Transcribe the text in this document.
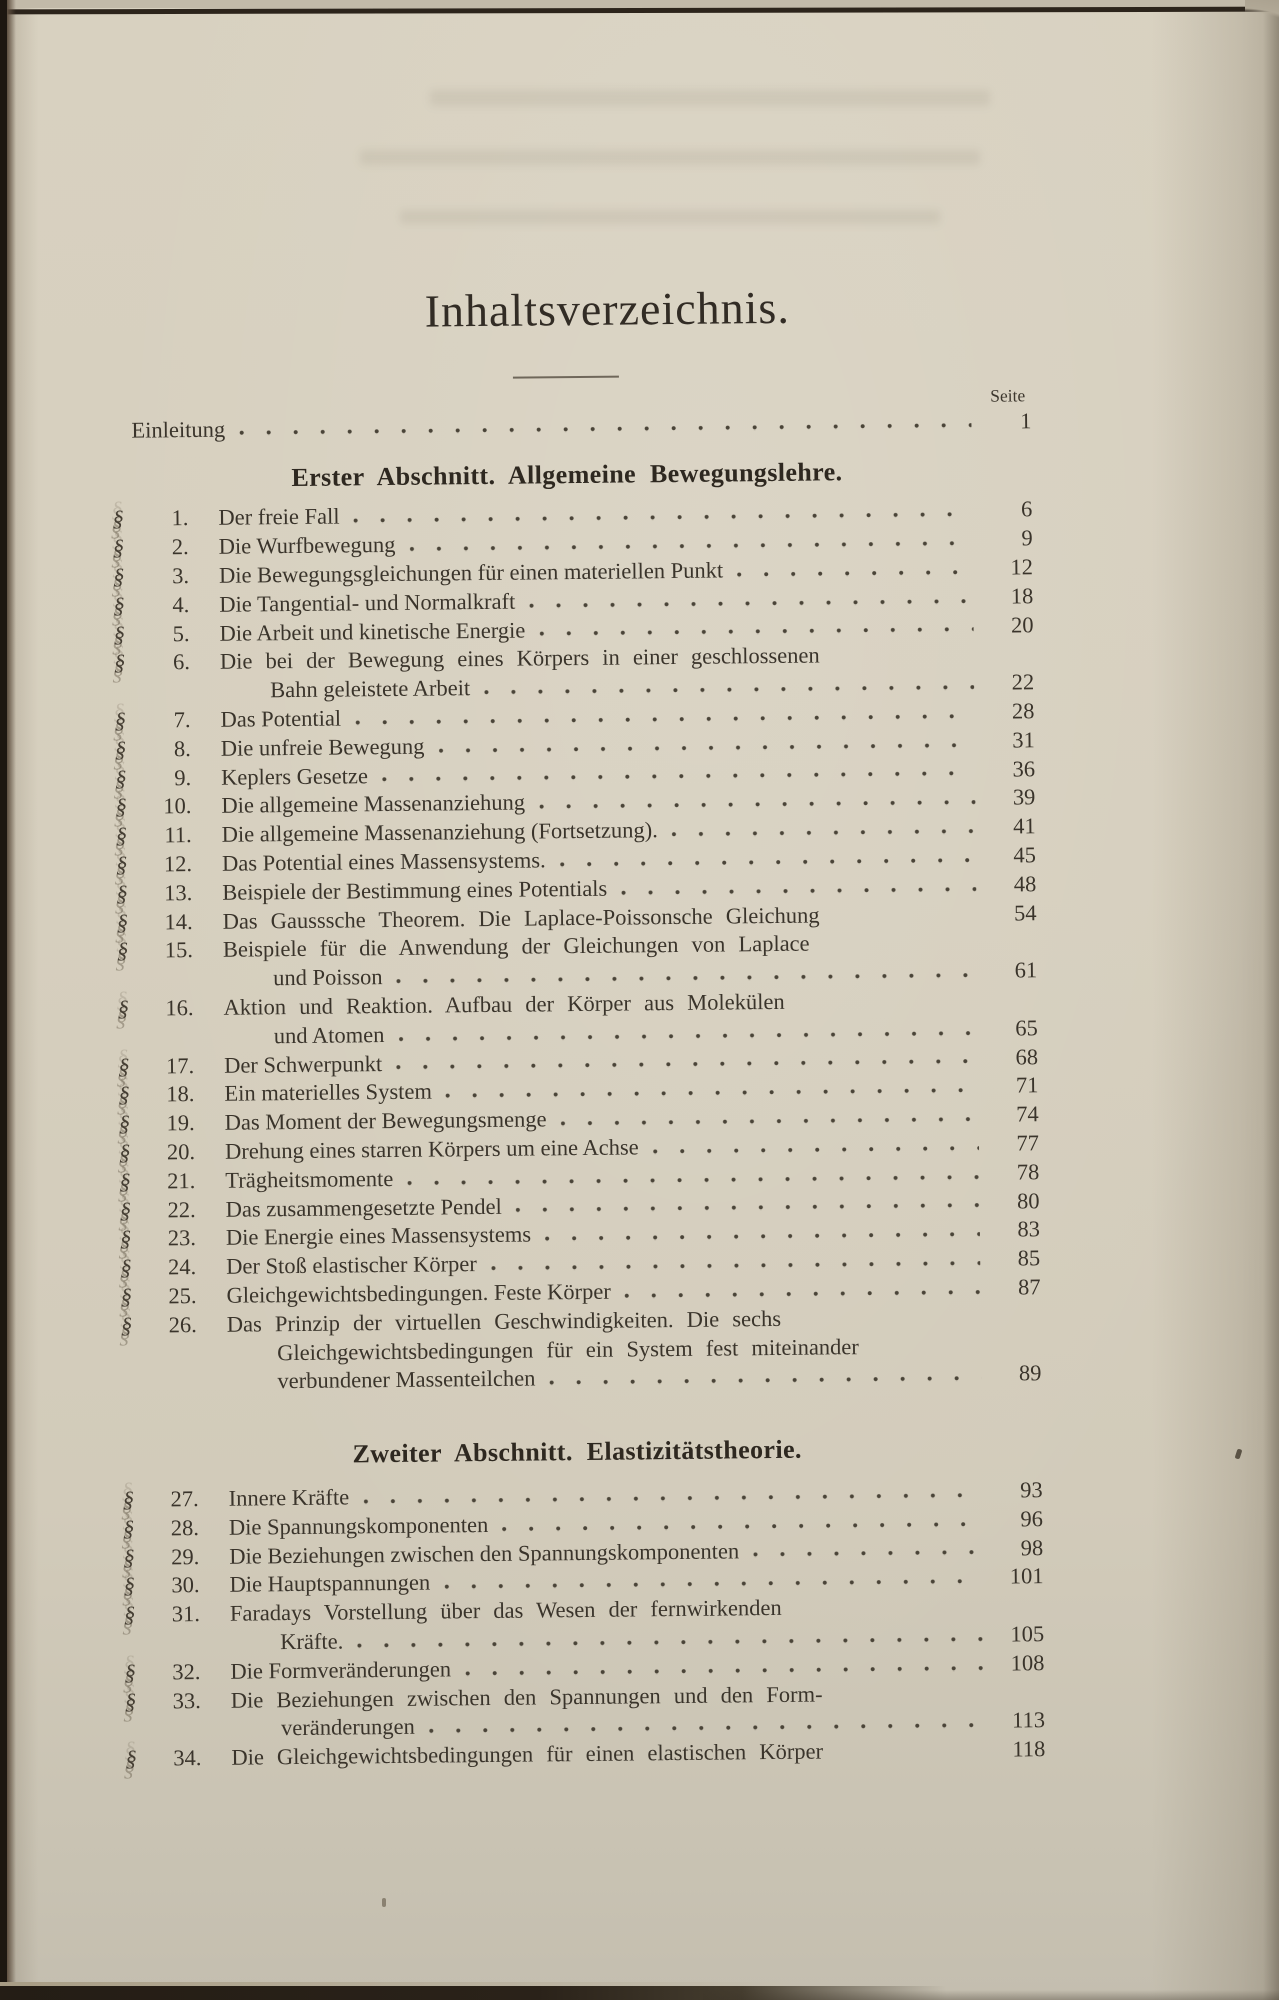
Inhaltsverzeichnis.
Seite
Einleitung	1
Erster Abschnitt. Allgemeine Bewegungslehre.
§	1. Der freie Fall	6
§	2. Die Wurfbewegung	9
§	3. Die Bewegungsgleichungen für einen materiellen Punkt	12
§	4. Die Tangential- und Normalkraft	18
§	5. Die Arbeit und kinetische Energie	20
§	6. Die bei der Bewegung eines Körpers in einer geschlossenen
Bahn geleistete Arbeit	22
§	7. Das Potential	28
§	8. Die unfreie Bewegung	31
§	9. Keplers Gesetze	36
§	10. Die allgemeine Massenanziehung	39
§	11. Die allgemeine Massenanziehung (Fortsetzung).	41
§	12. Das Potential eines Massensystems.	45
§	13. Beispiele der Bestimmung eines Potentials	48
§	14. Das Gausssche Theorem. Die Laplace-Poissonsche Gleichung	54
§	15. Beispiele für die Anwendung der Gleichungen von Laplace
und Poisson	61
§	16. Aktion und Reaktion. Aufbau der Körper aus Molekülen
und Atomen	65
§	17. Der Schwerpunkt	68
§	18. Ein materielles System	71
§	19. Das Moment der Bewegungsmenge	74
§	20. Drehung eines starren Körpers um eine Achse	77
§	21. Trägheitsmomente	78
§	22. Das zusammengesetzte Pendel	80
§	23. Die Energie eines Massensystems	83
§	24. Der Stoß elastischer Körper	85
§	25. Gleichgewichtsbedingungen. Feste Körper	87
§	26. Das Prinzip der virtuellen Geschwindigkeiten. Die sechs
Gleichgewichtsbedingungen für ein System fest miteinander
verbundener Massenteilchen	89
Zweiter Abschnitt. Elastizitätstheorie.
§	27. Innere Kräfte	93
§	28. Die Spannungskomponenten	96
§	29. Die Beziehungen zwischen den Spannungskomponenten	98
§	30. Die Hauptspannungen	101
§	31. Faradays Vorstellung über das Wesen der fernwirkenden
Kräfte.	105
§	32. Die Formveränderungen	108
§	33. Die Beziehungen zwischen den Spannungen und den Form-
veränderungen	113
§	34. Die Gleichgewichtsbedingungen für einen elastischen Körper	118
